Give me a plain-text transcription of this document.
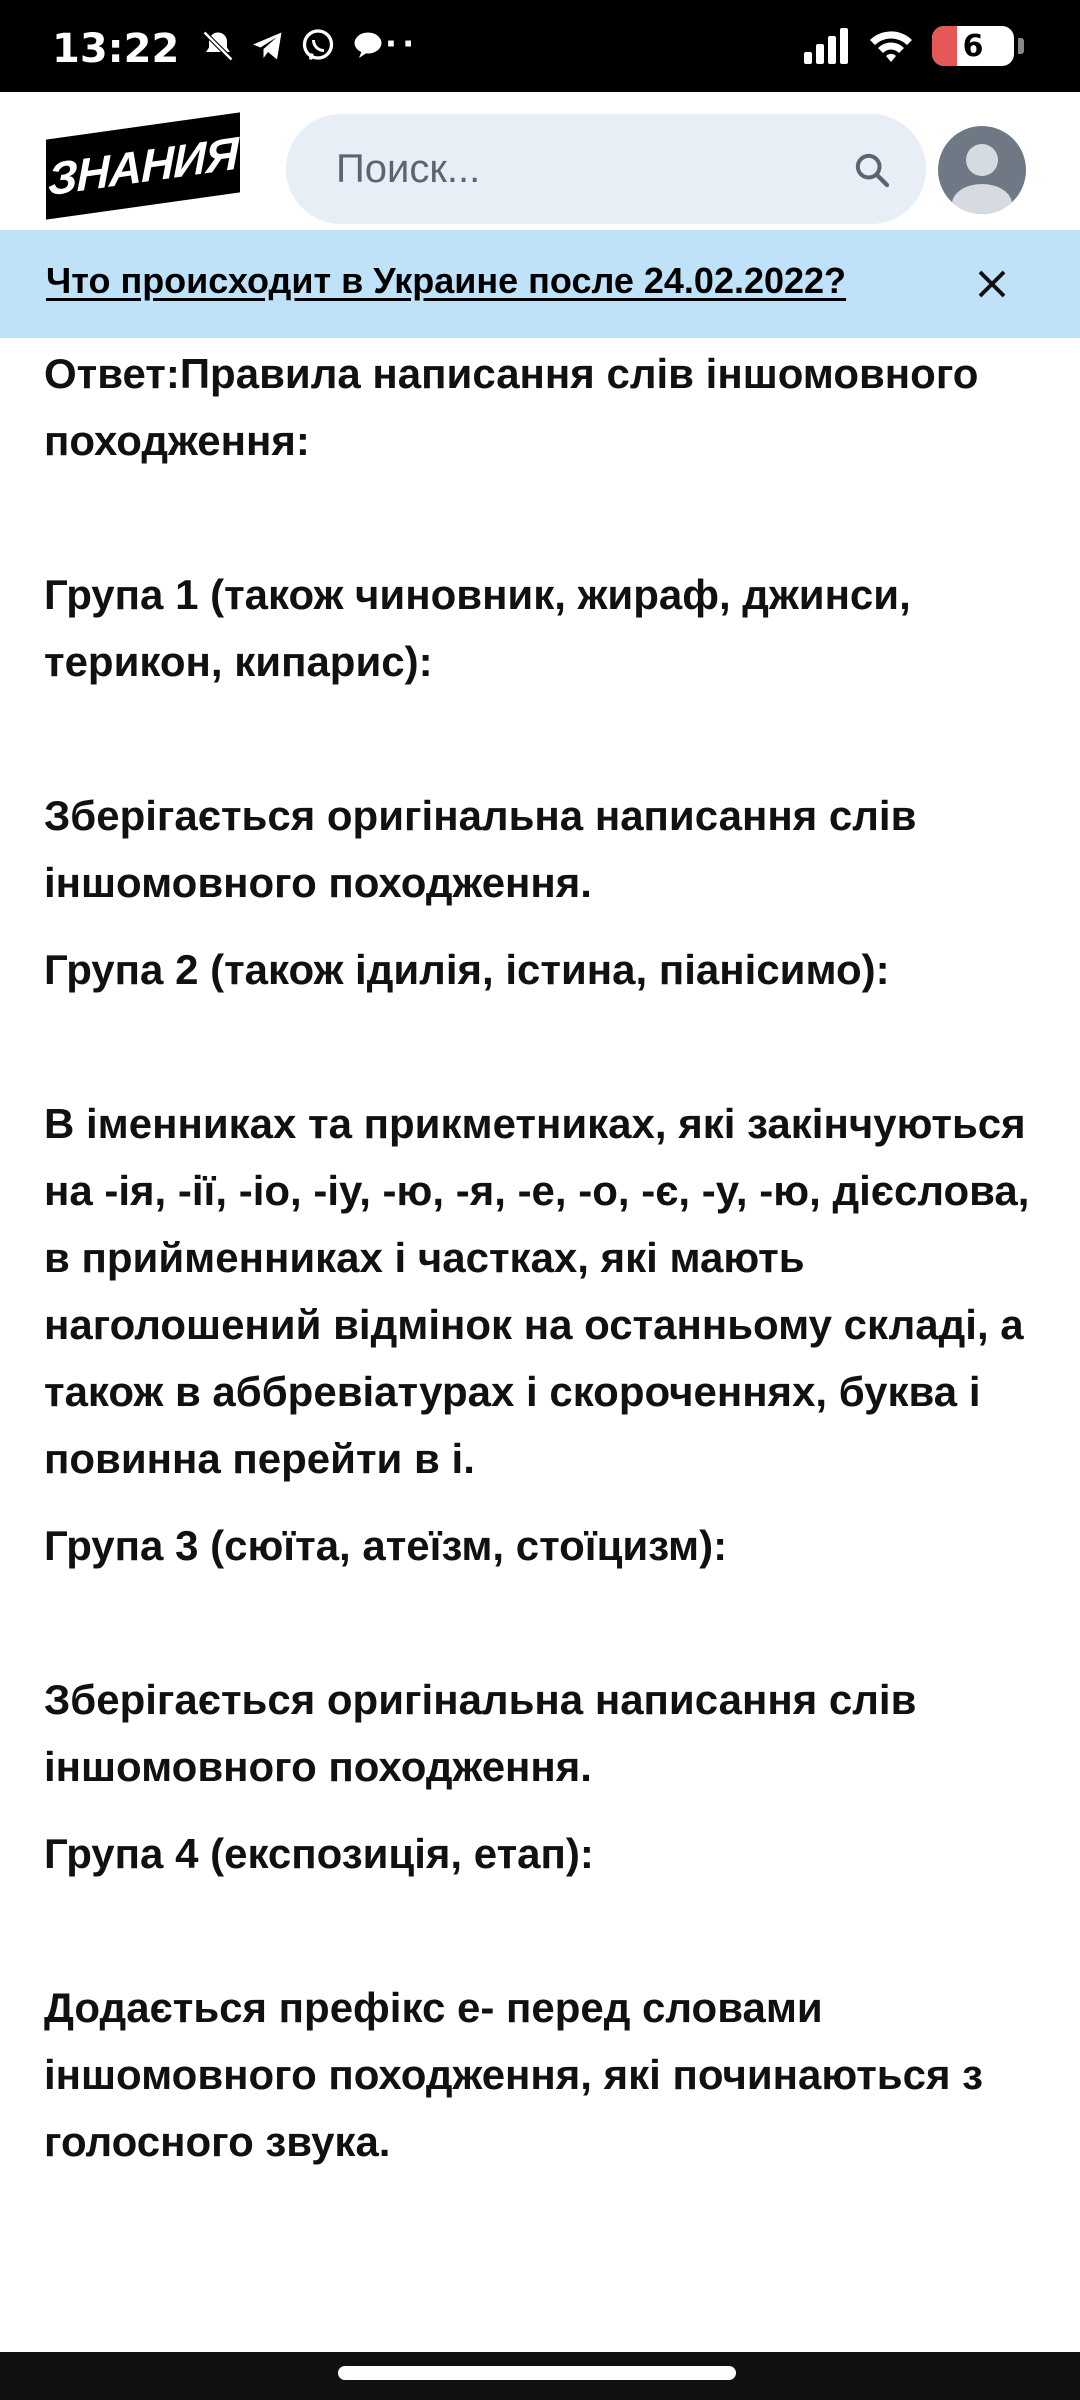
13:22	···	6
ЗНАНИЯ
Поиск...
Что происходит в Украине после 24.02.2022?

Ответ:Правила написання слів іншомовного походження:

Група 1 (також чиновник, жираф, джинси, терикон, кипарис):

Зберігається оригінальна написання слів іншомовного походження.

Група 2 (також ідилія, істина, піанісимо):

В іменниках та прикметниках, які закінчуються на -ія, -ії, -іо, -іу, -ю, -я, -е, -о, -є, -у, -ю, дієслова, в прийменниках і частках, які мають наголошений відмінок на останньому складі, а також в аббревіатурах і скороченнях, буква і повинна перейти в і.

Група 3 (сюїта, атеїзм, стоїцизм):

Зберігається оригінальна написання слів іншомовного походження.

Група 4 (експозиція, етап):

Додається префікс е- перед словами іншомовного походження, які починаються з голосного звука.
